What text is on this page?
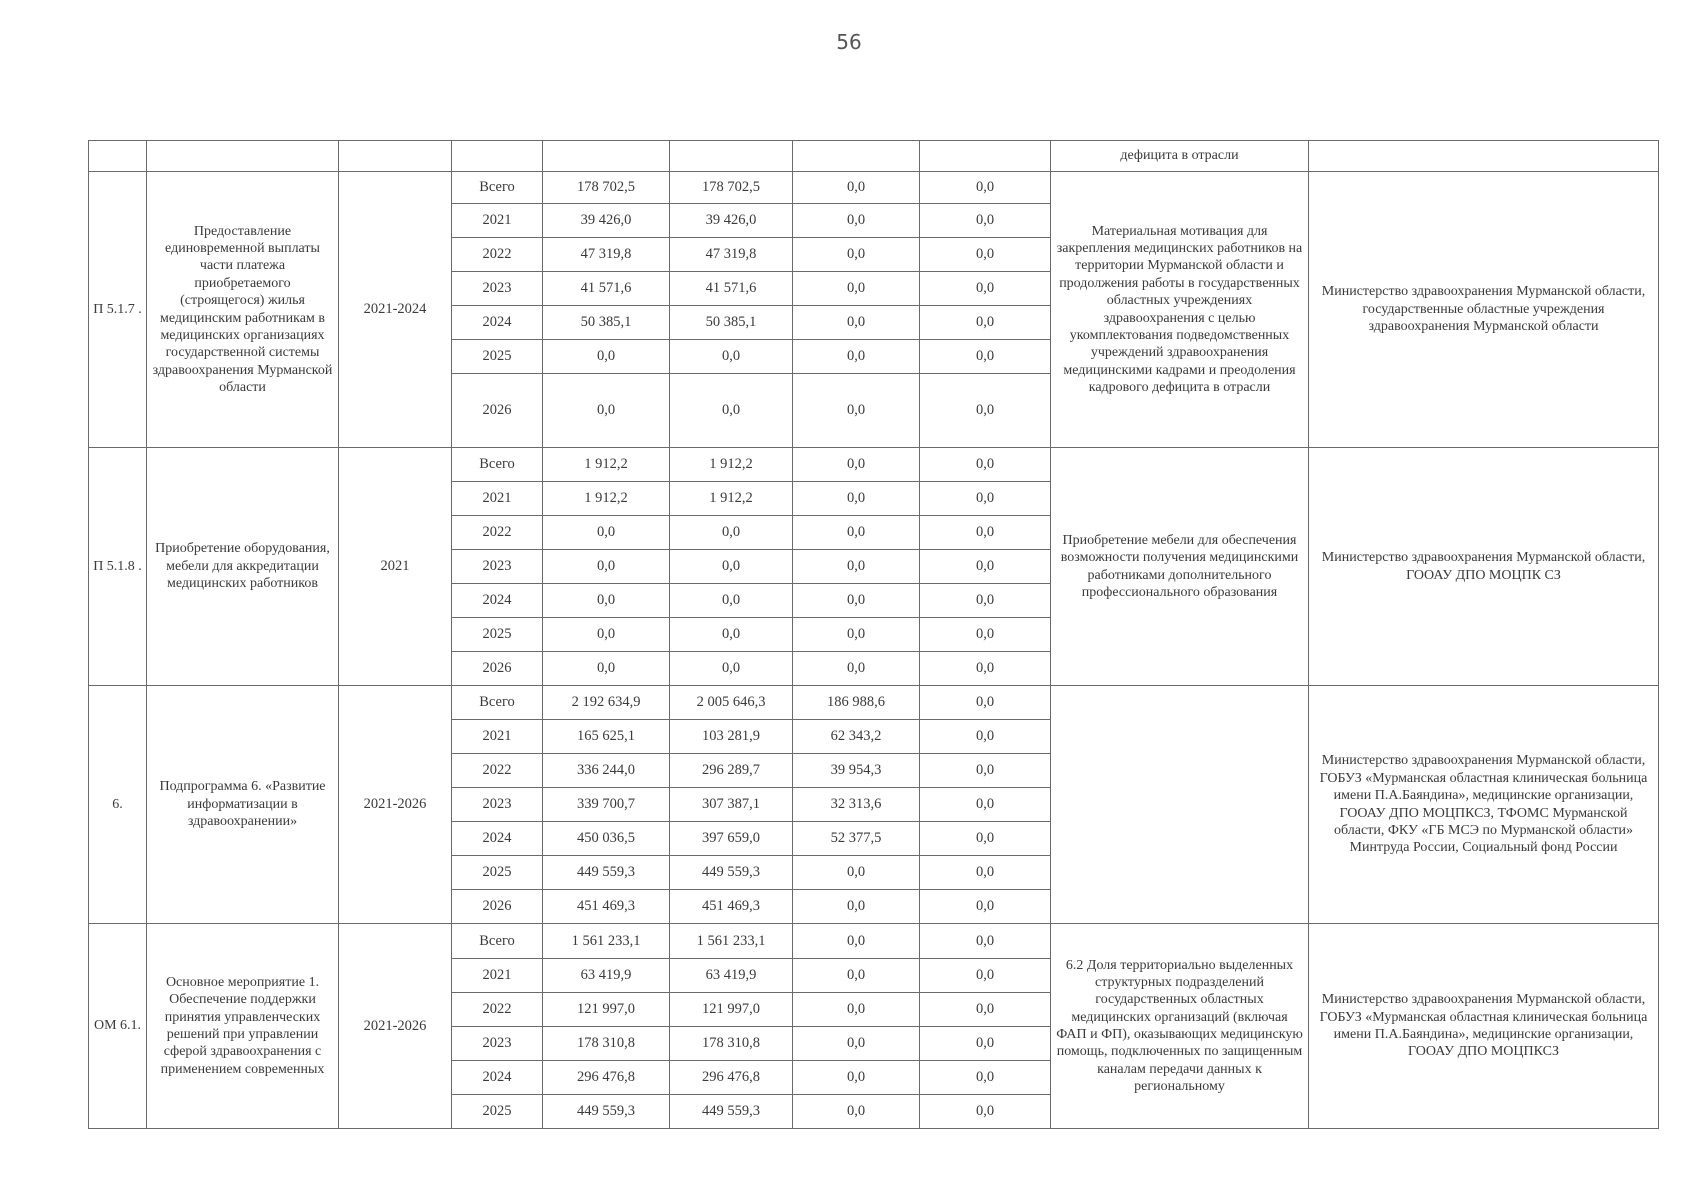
56
								дефицита в отрасли	
П 5.1.7 .	Предоставление единовременной выплаты части платежа приобретаемого (строящегося) жилья медицинским работникам в медицинских организациях государственной системы здравоохранения Мурманской области	2021-2024	Всего	178 702,5	178 702,5	0,0	0,0	Материальная мотивация для закрепления медицинских работников на территории Мурманской области и продолжения работы в государственных областных учреждениях здравоохранения с целью укомплектования подведомственных учреждений здравоохранения медицинскими кадрами и преодоления кадрового дефицита в отрасли	Министерство здравоохранения Мурманской области, государственные областные учреждения здравоохранения Мурманской области
			2021	39 426,0	39 426,0	0,0	0,0		
			2022	47 319,8	47 319,8	0,0	0,0		
			2023	41 571,6	41 571,6	0,0	0,0		
			2024	50 385,1	50 385,1	0,0	0,0		
			2025	0,0	0,0	0,0	0,0		
			2026	0,0	0,0	0,0	0,0		
П 5.1.8 .	Приобретение оборудования, мебели для аккредитации медицинских работников	2021	Всего	1 912,2	1 912,2	0,0	0,0	Приобретение мебели для обеспечения возможности получения медицинскими работниками дополнительного профессионального образования	Министерство здравоохранения Мурманской области, ГООАУ ДПО МОЦПК СЗ
			2021	1 912,2	1 912,2	0,0	0,0		
			2022	0,0	0,0	0,0	0,0		
			2023	0,0	0,0	0,0	0,0		
			2024	0,0	0,0	0,0	0,0		
			2025	0,0	0,0	0,0	0,0		
			2026	0,0	0,0	0,0	0,0		
6.	Подпрограмма 6. «Развитие информатизации в здравоохранении»	2021-2026	Всего	2 192 634,9	2 005 646,3	186 988,6	0,0		Министерство здравоохранения Мурманской области, ГОБУЗ «Мурманская областная клиническая больница имени П.А.Баяндина», медицинские организации, ГООАУ ДПО МОЦПКСЗ, ТФОМС Мурманской области, ФКУ «ГБ МСЭ по Мурманской области» Минтруда России, Социальный фонд России
			2021	165 625,1	103 281,9	62 343,2	0,0		
			2022	336 244,0	296 289,7	39 954,3	0,0		
			2023	339 700,7	307 387,1	32 313,6	0,0		
			2024	450 036,5	397 659,0	52 377,5	0,0		
			2025	449 559,3	449 559,3	0,0	0,0		
			2026	451 469,3	451 469,3	0,0	0,0		
ОМ 6.1.	Основное мероприятие 1. Обеспечение поддержки принятия управленческих решений при управлении сферой здравоохранения с применением современных	2021-2026	Всего	1 561 233,1	1 561 233,1	0,0	0,0	6.2 Доля территориально выделенных структурных подразделений государственных областных медицинских организаций (включая ФАП и ФП), оказывающих медицинскую помощь, подключенных по защищенным каналам передачи данных к региональному	Министерство здравоохранения Мурманской области, ГОБУЗ «Мурманская областная клиническая больница имени П.А.Баяндина», медицинские организации, ГООАУ ДПО МОЦПКСЗ
			2021	63 419,9	63 419,9	0,0	0,0		
			2022	121 997,0	121 997,0	0,0	0,0		
			2023	178 310,8	178 310,8	0,0	0,0		
			2024	296 476,8	296 476,8	0,0	0,0		
			2025	449 559,3	449 559,3	0,0	0,0		
